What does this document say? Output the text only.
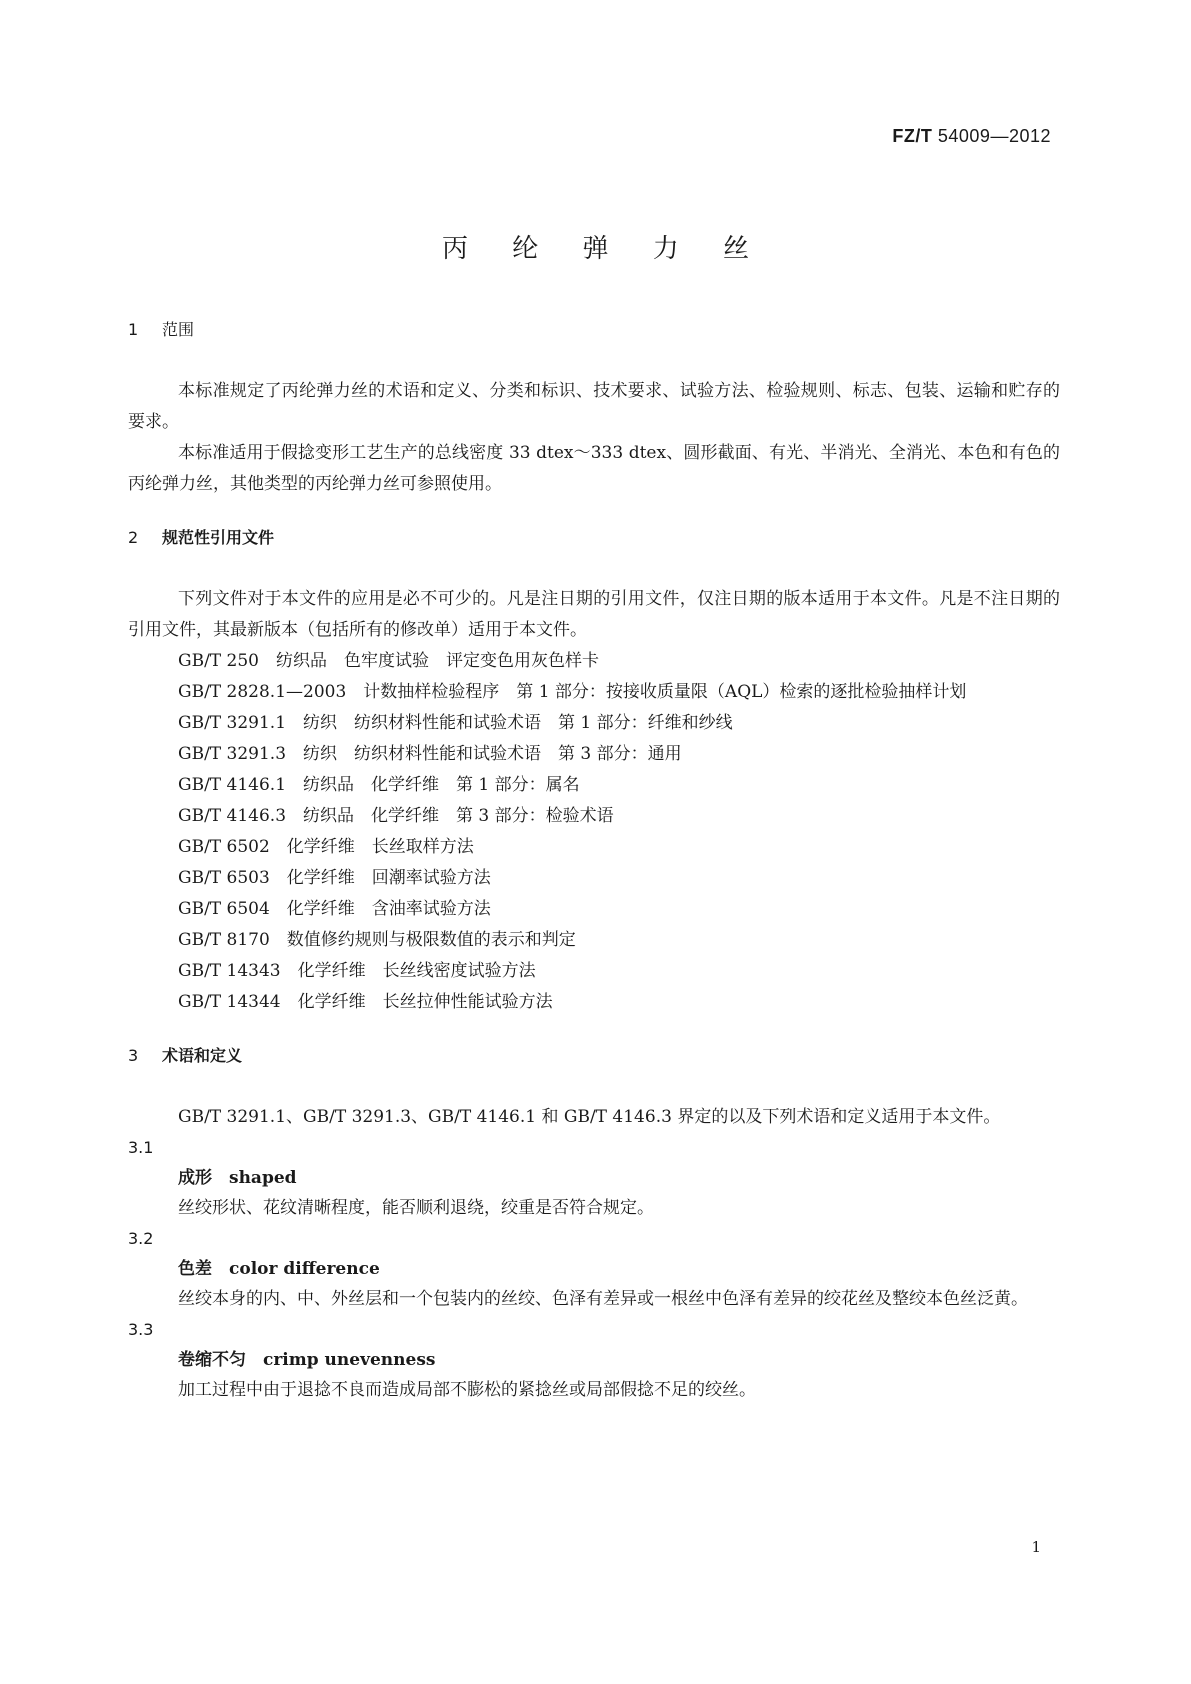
FZ/T 54009—2012
丙 纶 弹 力 丝
1 范围
本标准规定了丙纶弹力丝的术语和定义、分类和标识、技术要求、试验方法、检验规则、标志、包装、运输和贮存的要求。
本标准适用于假捻变形工艺生产的总线密度 33 dtex～333 dtex、圆形截面、有光、半消光、全消光、本色和有色的丙纶弹力丝，其他类型的丙纶弹力丝可参照使用。
2 规范性引用文件
下列文件对于本文件的应用是必不可少的。凡是注日期的引用文件，仅注日期的版本适用于本文件。凡是不注日期的引用文件，其最新版本（包括所有的修改单）适用于本文件。
GB/T 250　纺织品　色牢度试验　评定变色用灰色样卡
GB/T 2828.1—2003　计数抽样检验程序　第 1 部分：按接收质量限（AQL）检索的逐批检验抽样计划
GB/T 3291.1　纺织　纺织材料性能和试验术语　第 1 部分：纤维和纱线
GB/T 3291.3　纺织　纺织材料性能和试验术语　第 3 部分：通用
GB/T 4146.1　纺织品　化学纤维　第 1 部分：属名
GB/T 4146.3　纺织品　化学纤维　第 3 部分：检验术语
GB/T 6502　化学纤维　长丝取样方法
GB/T 6503　化学纤维　回潮率试验方法
GB/T 6504　化学纤维　含油率试验方法
GB/T 8170　数值修约规则与极限数值的表示和判定
GB/T 14343　化学纤维　长丝线密度试验方法
GB/T 14344　化学纤维　长丝拉伸性能试验方法
3 术语和定义
GB/T 3291.1、GB/T 3291.3、GB/T 4146.1 和 GB/T 4146.3 界定的以及下列术语和定义适用于本文件。
3.1
成形　shaped
丝绞形状、花纹清晰程度，能否顺利退绕，绞重是否符合规定。
3.2
色差　color difference
丝绞本身的内、中、外丝层和一个包装内的丝绞、色泽有差异或一根丝中色泽有差异的绞花丝及整绞本色丝泛黄。
3.3
卷缩不匀　crimp unevenness
加工过程中由于退捻不良而造成局部不膨松的紧捻丝或局部假捻不足的绞丝。
1
